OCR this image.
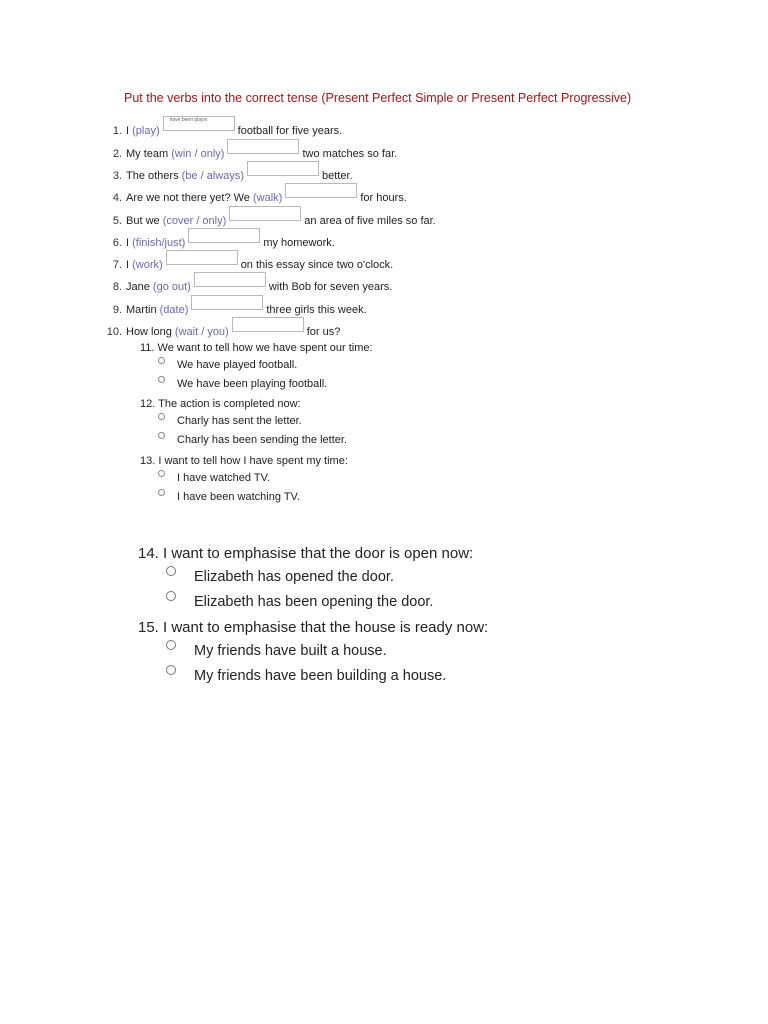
Put the verbs into the correct tense (Present Perfect Simple or Present Perfect Progressive)
1. I
(play)
have been playin
football for five years.
2. My team
(win / only)	two matches so far.
3. The others
(be / always)	better.
4. Are we not there yet? We
(walk)	for hours.
5. But we
(cover / only)	an area of five miles so far.
6. I
(finish/just)	my homework.
7. I
(work)	on this essay since two o'clock.
8. Jane
(go out)	with Bob for seven years.
9. Martin
(date)	three girls this week.
10. How long
(wait / you)	for us?
11. We want to tell how we have spent our time:
We have played football.
We have been playing football.
12. The action is completed now:
Charly has sent the letter.
Charly has been sending the letter.
13. I want to tell how I have spent my time:
I have watched TV.
I have been watching TV.
14. I want to emphasise that the door is open now:
Elizabeth has opened the door.
Elizabeth has been opening the door.
15. I want to emphasise that the house is ready now:
My friends have built a house.
My friends have been building a house.
